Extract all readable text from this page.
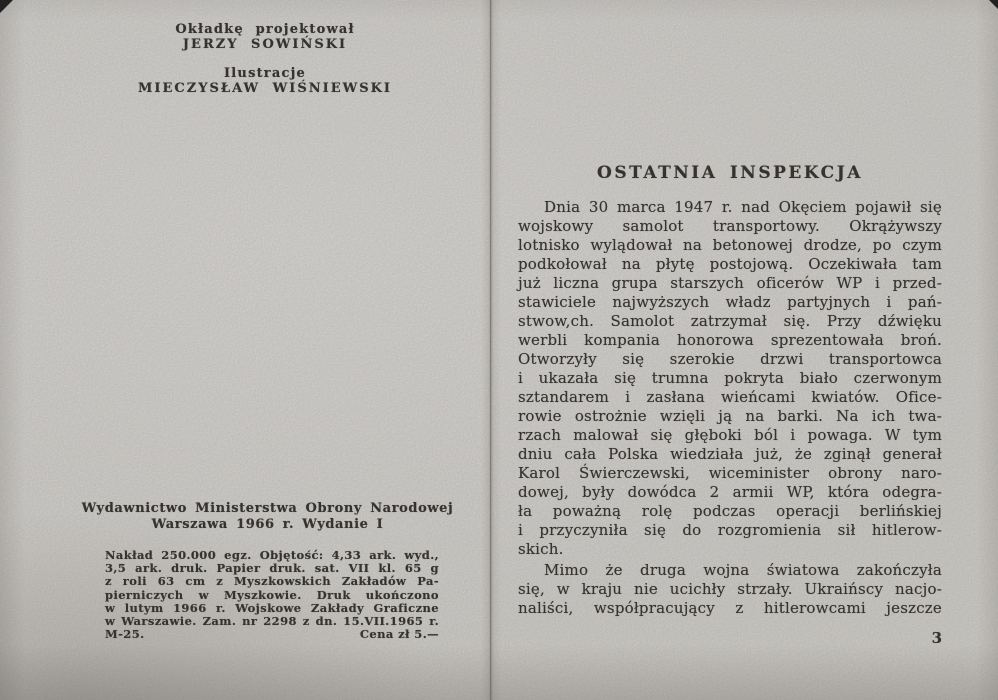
Okładkę projektował
JERZY SOWIŃSKI
Ilustracje
MIECZYSŁAW WIŚNIEWSKI
Wydawnictwo Ministerstwa Obrony Narodowej
Warszawa 1966 r. Wydanie I
Nakład 250.000 egz. Objętość: 4,33 ark. wyd.,
3,5 ark. druk. Papier druk. sat. VII kl. 65 g
z roli 63 cm z Myszkowskich Zakładów Pa-
pierniczych w Myszkowie. Druk ukończono
w lutym 1966 r. Wojskowe Zakłady Graficzne
w Warszawie. Zam. nr 2298 z dn. 15.VII.1965 r.
M-25.	Cena zł 5.—
OSTATNIA INSPEKCJA
Dnia 30 marca 1947 r. nad Okęciem pojawił się
wojskowy samolot transportowy. Okrążywszy
lotnisko wylądował na betonowej drodze, po czym
podkołował na płytę postojową. Oczekiwała tam
już liczna grupa starszych oficerów WP i przed-
stawiciele najwyższych władz partyjnych i pań-
stwow,ch. Samolot zatrzymał się. Przy dźwięku
werbli kompania honorowa sprezentowała broń.
Otworzyły się szerokie drzwi transportowca
i ukazała się trumna pokryta biało czerwonym
sztandarem i zasłana wieńcami kwiatów. Ofice-
rowie ostrożnie wzięli ją na barki. Na ich twa-
rzach malował się głęboki ból i powaga. W tym
dniu cała Polska wiedziała już, że zginął generał
Karol Świerczewski, wiceminister obrony naro-
dowej, były dowódca 2 armii WP, która odegra-
ła poważną rolę podczas operacji berlińskiej
i przyczyniła się do rozgromienia sił hitlerow-
skich.
Mimo że druga wojna światowa zakończyła
się, w kraju nie ucichły strzały. Ukraińscy nacjo-
naliści, współpracujący z hitlerowcami jeszcze
3
